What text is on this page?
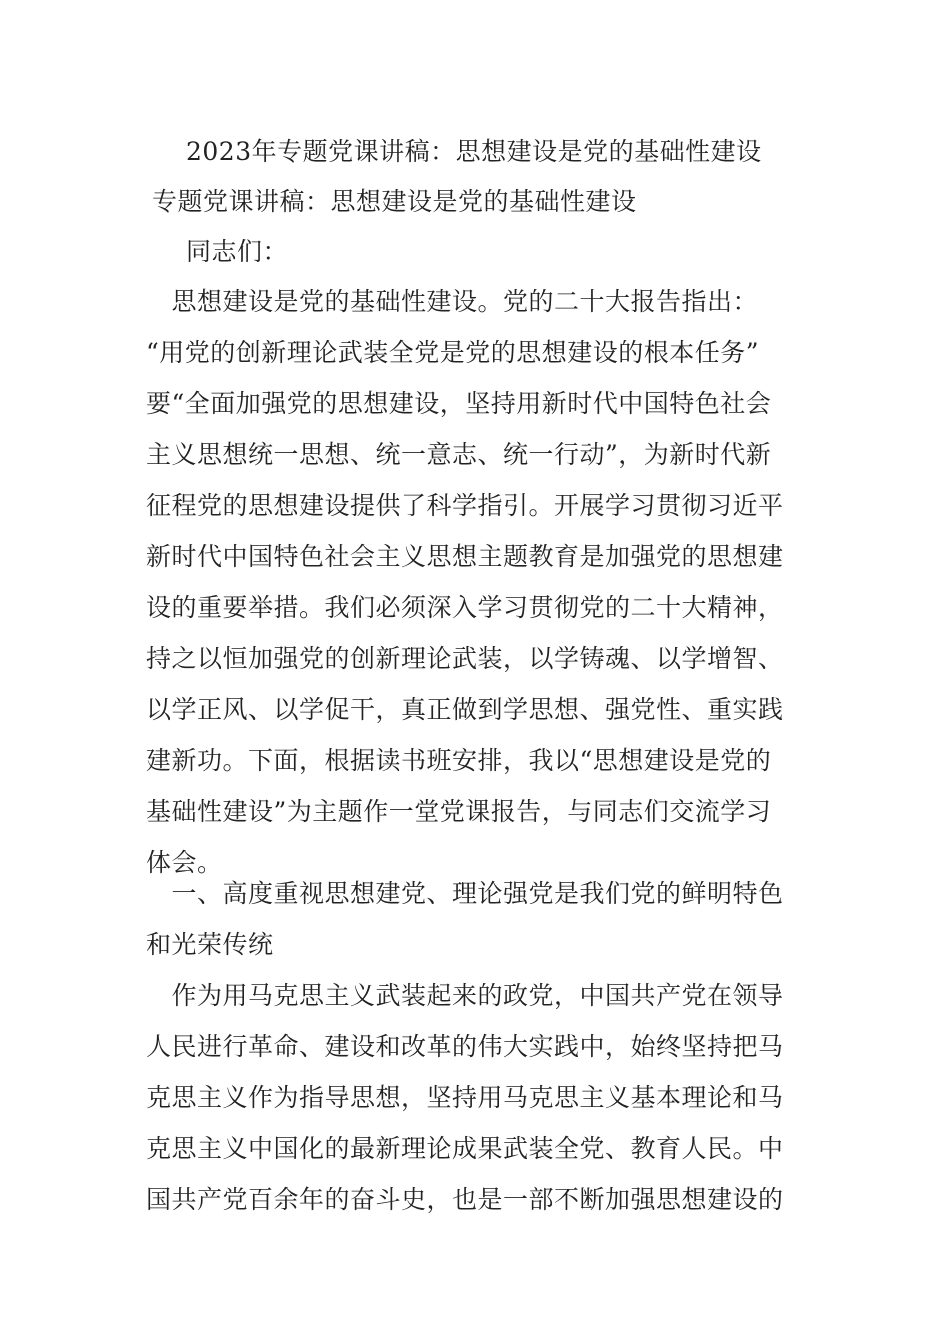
2023年专题党课讲稿：思想建设是党的基础性建设
专题党课讲稿：思想建设是党的基础性建设
同志们：
　思想建设是党的基础性建设。党的二十大报告指出：
“用党的创新理论武装全党是党的思想建设的根本任务”
要“全面加强党的思想建设，坚持用新时代中国特色社会
主义思想统一思想、统一意志、统一行动”，为新时代新
征程党的思想建设提供了科学指引。开展学习贯彻习近平
新时代中国特色社会主义思想主题教育是加强党的思想建
设的重要举措。我们必须深入学习贯彻党的二十大精神，
持之以恒加强党的创新理论武装，以学铸魂、以学增智、
以学正风、以学促干，真正做到学思想、强党性、重实践
建新功。下面，根据读书班安排，我以“思想建设是党的
基础性建设”为主题作一堂党课报告，与同志们交流学习
体会。
　一、高度重视思想建党、理论强党是我们党的鲜明特色
和光荣传统
　作为用马克思主义武装起来的政党，中国共产党在领导
人民进行革命、建设和改革的伟大实践中，始终坚持把马
克思主义作为指导思想，坚持用马克思主义基本理论和马
克思主义中国化的最新理论成果武装全党、教育人民。中
国共产党百余年的奋斗史，也是一部不断加强思想建设的
